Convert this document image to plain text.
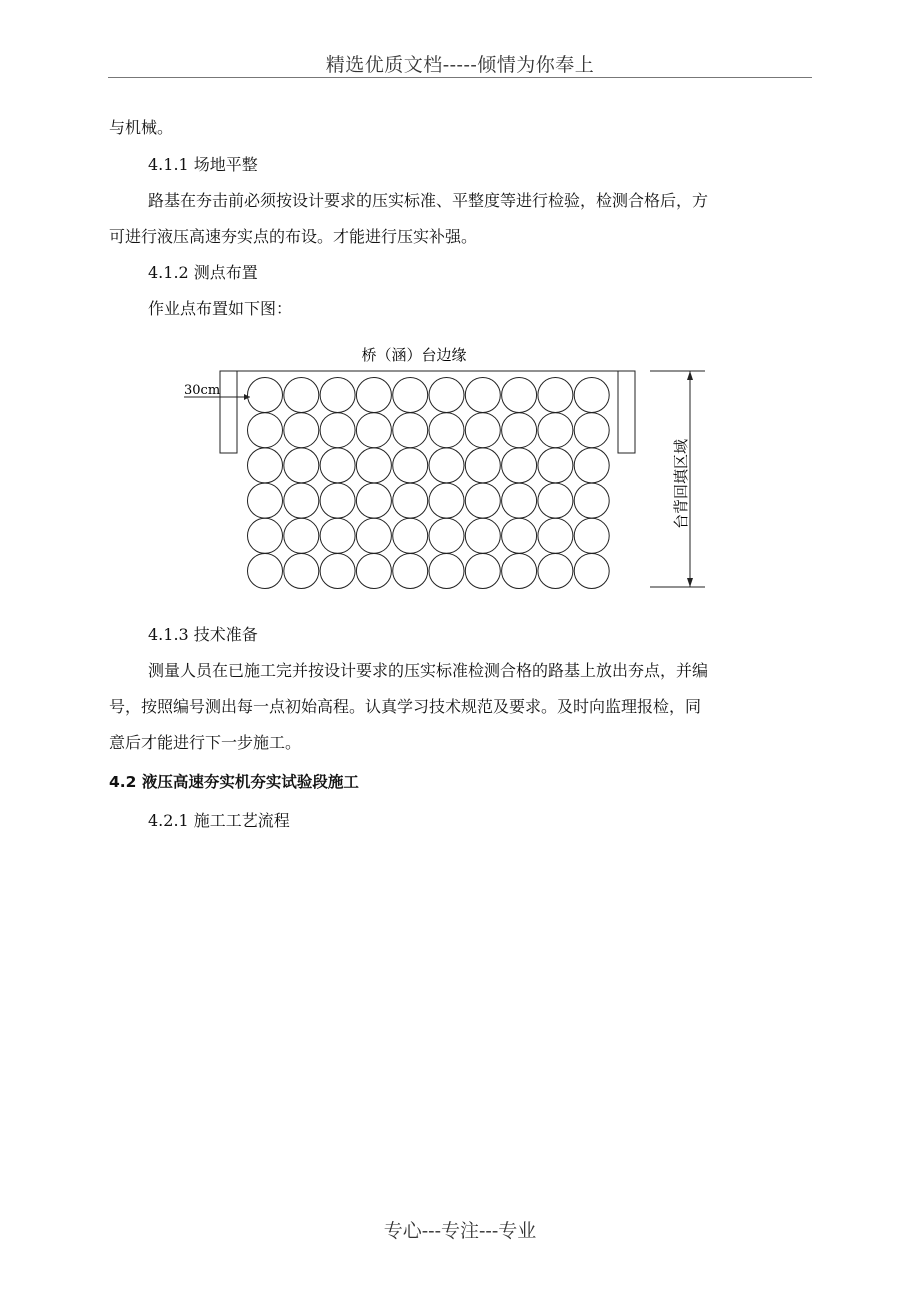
精选优质文档-----倾情为你奉上
与机械。
4.1.1 场地平整
路基在夯击前必须按设计要求的压实标准、平整度等进行检验，检测合格后，方
可进行液压高速夯实点的布设。才能进行压实补强。
4.1.2 测点布置
作业点布置如下图：
桥（涵）台边缘
30cm
台背回填区域
4.1.3 技术准备
测量人员在已施工完并按设计要求的压实标准检测合格的路基上放出夯点，并编
号，按照编号测出每一点初始高程。认真学习技术规范及要求。及时向监理报检，同
意后才能进行下一步施工。
4.2 液压高速夯实机夯实试验段施工
4.2.1 施工工艺流程
专心---专注---专业
